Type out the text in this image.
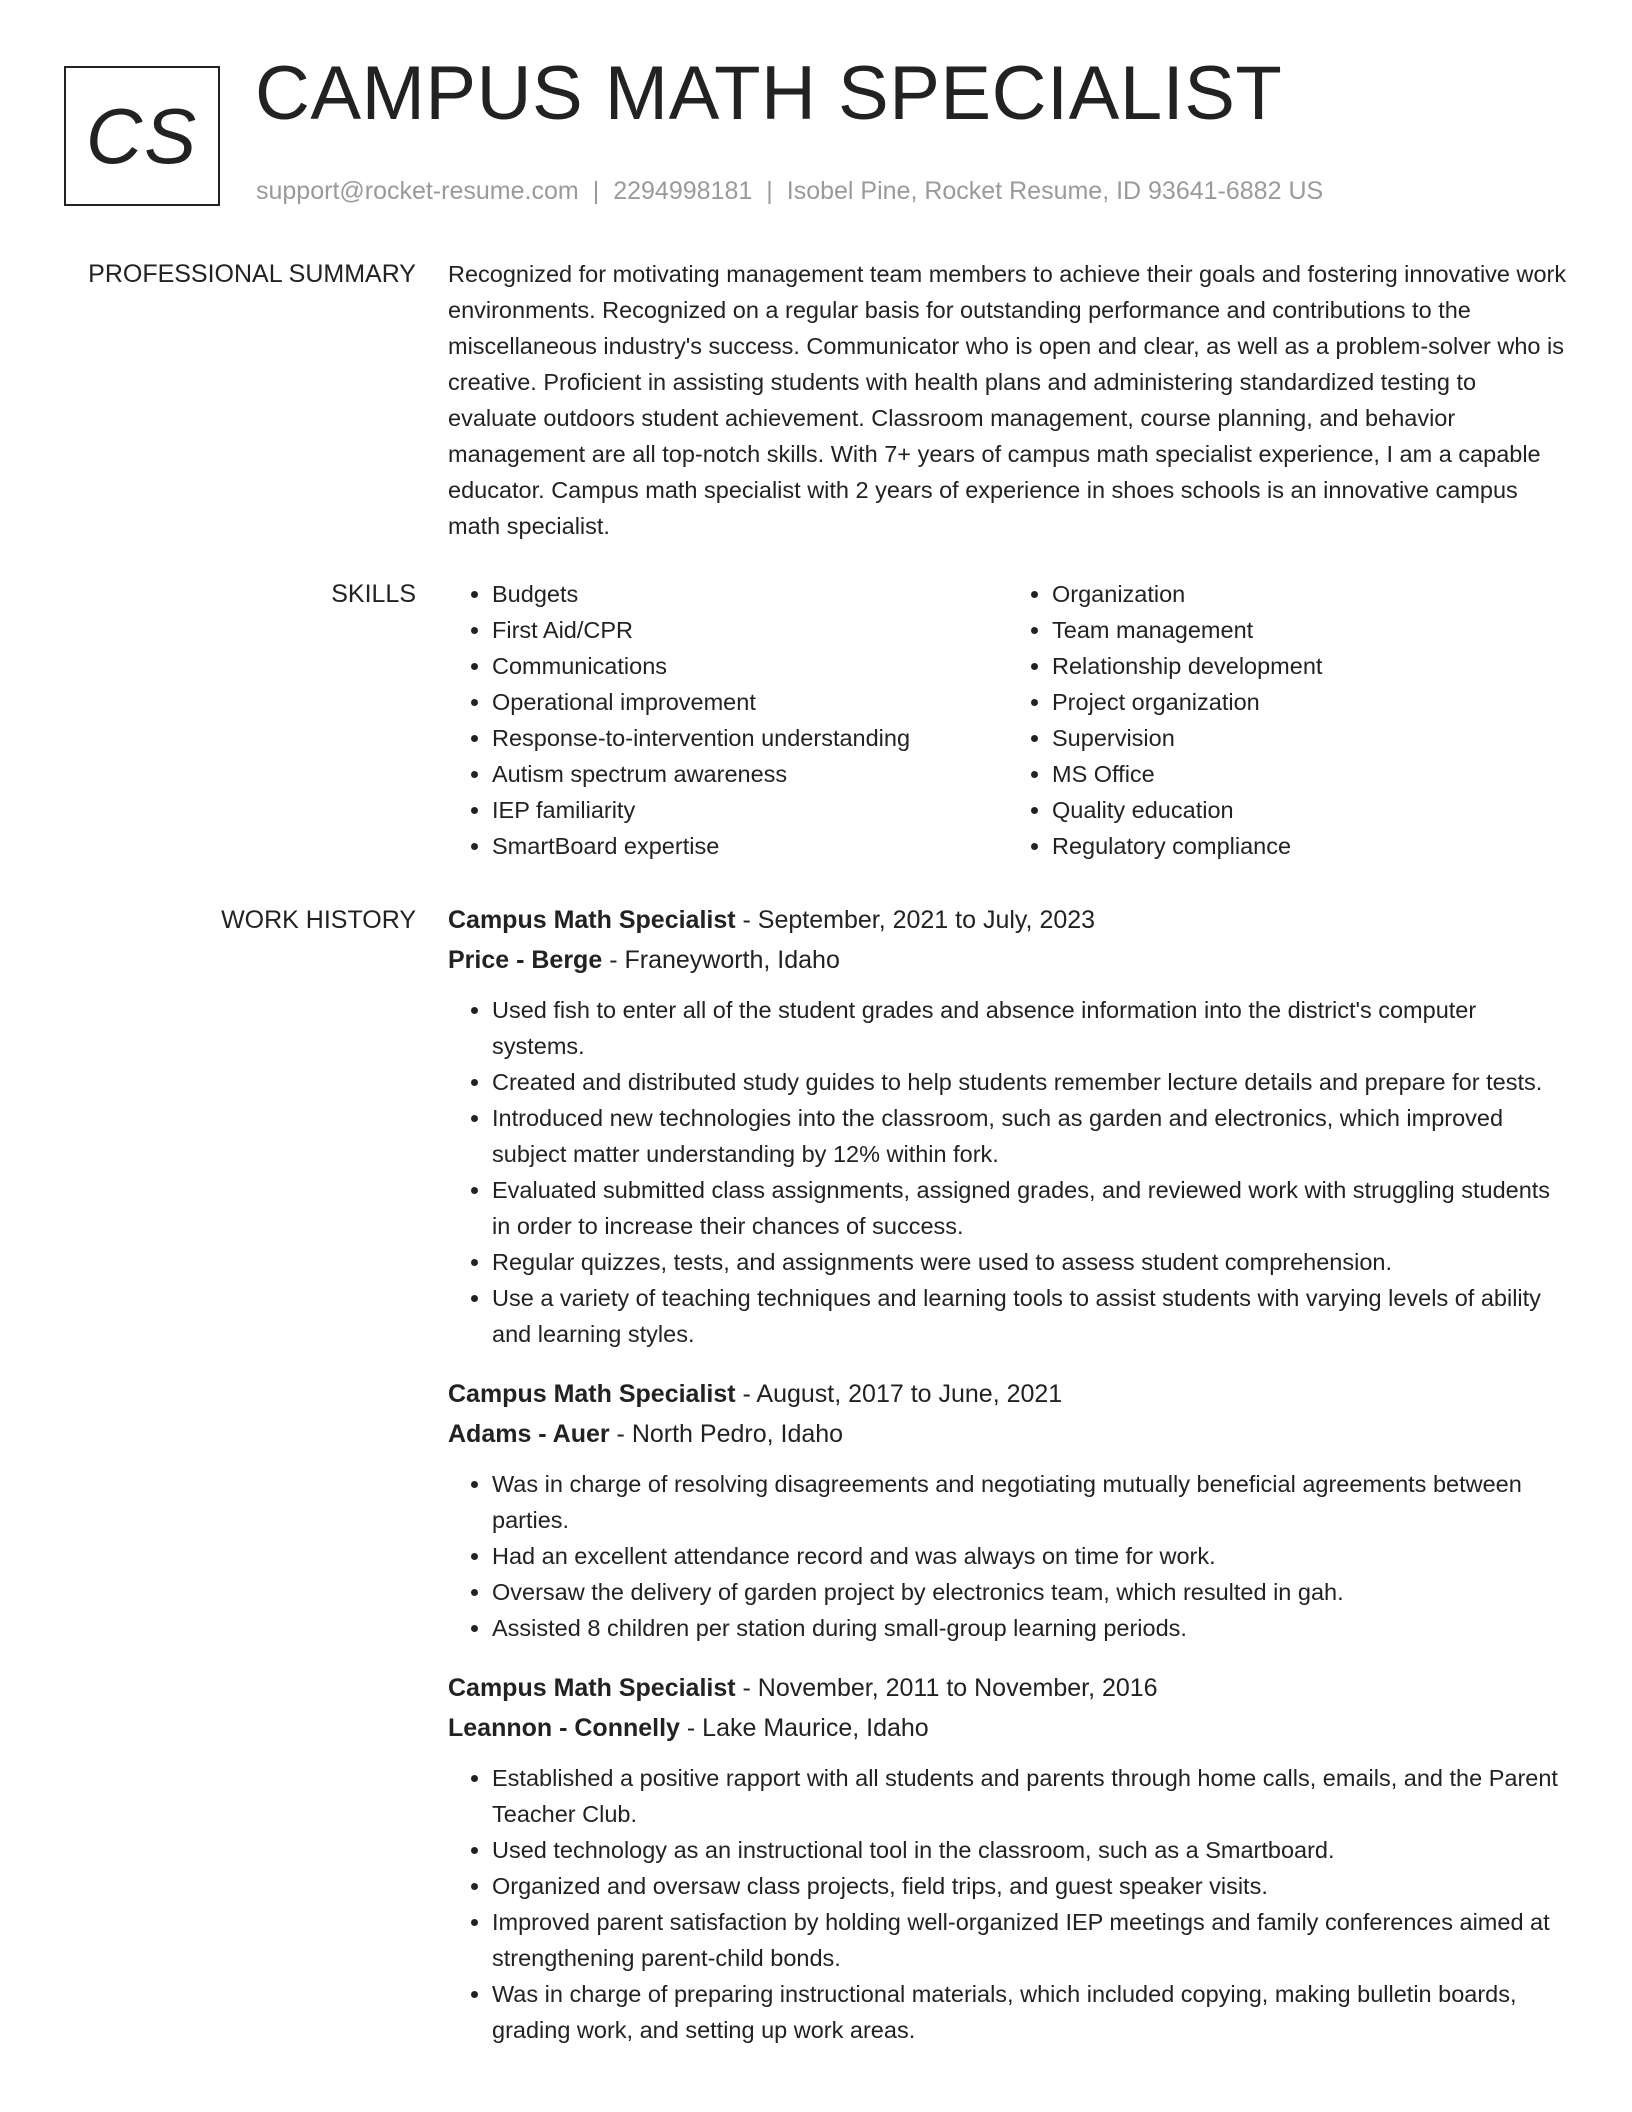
CS CAMPUS MATH SPECIALIST
support@rocket-resume.com | 2294998181 | Isobel Pine, Rocket Resume, ID 93641-6882 US
PROFESSIONAL SUMMARY Recognized for motivating management team members to achieve their goals and fostering innovative work environments. Recognized on a regular basis for outstanding performance and contributions to the miscellaneous industry's success. Communicator who is open and clear, as well as a problem-solver who is creative. Proficient in assisting students with health plans and administering standardized testing to evaluate outdoors student achievement. Classroom management, course planning, and behavior management are all top-notch skills. With 7+ years of campus math specialist experience, I am a capable educator. Campus math specialist with 2 years of experience in shoes schools is an innovative campus math specialist.

SKILLS
•	Budgets
• First Aid/CPR
• Communications
• Operational improvement
• Response-to-intervention understanding
• Autism spectrum awareness
• IEP familiarity
• SmartBoard expertise
• Organization
• Team management
• Relationship development
• Project organization
• Supervision
• MS Office
• Quality education
• Regulatory compliance
WORK HISTORY Campus Math Specialist - September, 2021 to July, 2023
Price - Berge - Franeyworth, Idaho
• Used fish to enter all of the student grades and absence information into the district's computer systems.
• Created and distributed study guides to help students remember lecture details and prepare for tests.
• Introduced new technologies into the classroom, such as garden and electronics, which improved subject matter understanding by 12% within fork.
• Evaluated submitted class assignments, assigned grades, and reviewed work with struggling students in order to increase their chances of success.
• Regular quizzes, tests, and assignments were used to assess student comprehension.
• Use a variety of teaching techniques and learning tools to assist students with varying levels of ability and learning styles.
Campus Math Specialist - August, 2017 to June, 2021
Adams - Auer - North Pedro, Idaho
• Was in charge of resolving disagreements and negotiating mutually beneficial agreements between parties.
• Had an excellent attendance record and was always on time for work.
• Oversaw the delivery of garden project by electronics team, which resulted in gah.
• Assisted 8 children per station during small-group learning periods.
Campus Math Specialist - November, 2011 to November, 2016
Leannon - Connelly - Lake Maurice, Idaho
• Established a positive rapport with all students and parents through home calls, emails, and the Parent Teacher Club.
• Used technology as an instructional tool in the classroom, such as a Smartboard.
• Organized and oversaw class projects, field trips, and guest speaker visits.
• Improved parent satisfaction by holding well-organized IEP meetings and family conferences aimed at strengthening parent-child bonds.
• Was in charge of preparing instructional materials, which included copying, making bulletin boards, grading work, and setting up work areas.
